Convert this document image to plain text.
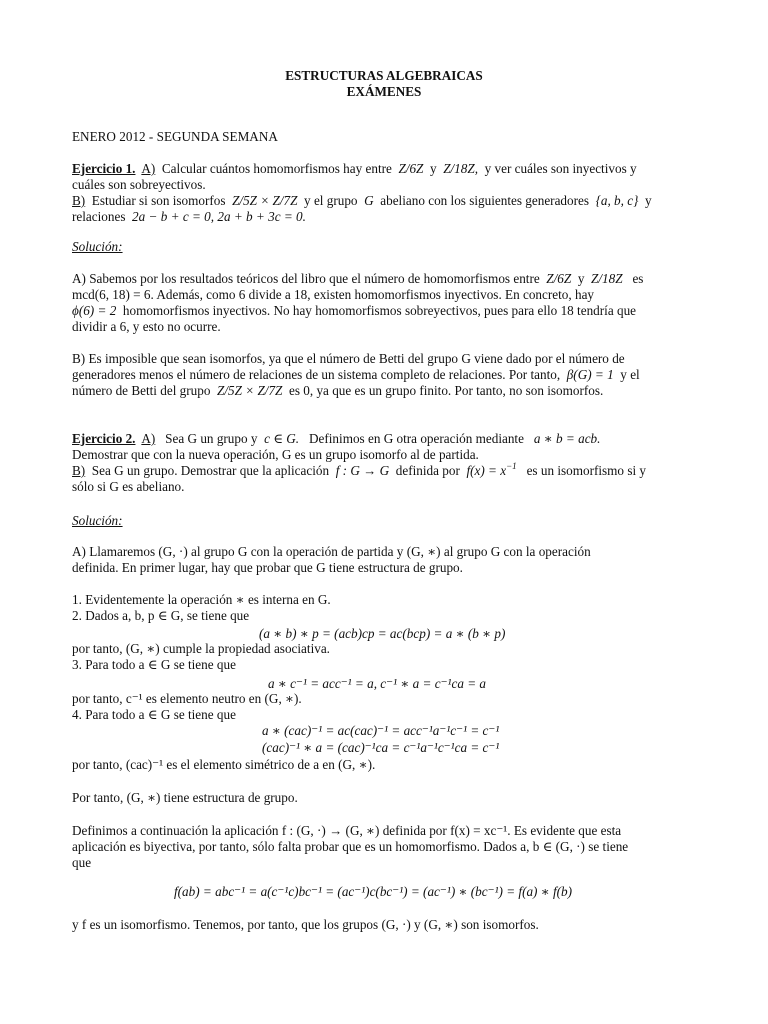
ESTRUCTURAS ALGEBRAICAS
EXÁMENES
ENERO 2012 - SEGUNDA SEMANA
Ejercicio 1. A) Calcular cuántos homomorfismos hay entre Z/6Z y Z/18Z, y ver cuáles son inyectivos y
cuáles son sobreyectivos.
B) Estudiar si son isomorfos Z/5Z × Z/7Z y el grupo G abeliano con los siguientes generadores {a, b, c} y
relaciones 2a − b + c = 0, 2a + b + 3c = 0.
Solución:
A) Sabemos por los resultados teóricos del libro que el número de homomorfismos entre Z/6Z y Z/18Z es
mcd(6, 18) = 6. Además, como 6 divide a 18, existen homomorfismos inyectivos. En concreto, hay
ϕ(6) = 2 homomorfismos inyectivos. No hay homomorfismos sobreyectivos, pues para ello 18 tendría que
dividir a 6, y esto no ocurre.
B) Es imposible que sean isomorfos, ya que el número de Betti del grupo G viene dado por el número de
generadores menos el número de relaciones de un sistema completo de relaciones. Por tanto, β(G) = 1 y el
número de Betti del grupo Z/5Z × Z/7Z es 0, ya que es un grupo finito. Por tanto, no son isomorfos.
Ejercicio 2. A) Sea G un grupo y c ∈ G. Definimos en G otra operación mediante a ∗ b = acb.
Demostrar que con la nueva operación, G es un grupo isomorfo al de partida.
B) Sea G un grupo. Demostrar que la aplicación f : G → G definida por $f(x) = x^{-1}$ es un isomorfismo si y
sólo si G es abeliano.
Solución:
A) Llamaremos (G, ·) al grupo G con la operación de partida y (G, ∗) al grupo G con la operación
definida. En primer lugar, hay que probar que G tiene estructura de grupo.
1. Evidentemente la operación ∗ es interna en G.
2. Dados a, b, p ∈ G, se tiene que
(a ∗ b) ∗ p = (acb)cp = ac(bcp) = a ∗ (b ∗ p)
por tanto, (G, ∗) cumple la propiedad asociativa.
3. Para todo a ∈ G se tiene que
a ∗ c⁻¹ = acc⁻¹ = a, c⁻¹ ∗ a = c⁻¹ca = a
por tanto, c⁻¹ es elemento neutro en (G, ∗).
4. Para todo a ∈ G se tiene que
a ∗ (cac)⁻¹ = ac(cac)⁻¹ = acc⁻¹a⁻¹c⁻¹ = c⁻¹
(cac)⁻¹ ∗ a = (cac)⁻¹ca = c⁻¹a⁻¹c⁻¹ca = c⁻¹
por tanto, (cac)⁻¹ es el elemento simétrico de a en (G, ∗).
Por tanto, (G, ∗) tiene estructura de grupo.
Definimos a continuación la aplicación f : (G, ·) → (G, ∗) definida por f(x) = xc⁻¹. Es evidente que esta
aplicación es biyectiva, por tanto, sólo falta probar que es un homomorfismo. Dados a, b ∈ (G, ·) se tiene
que
f(ab) = abc⁻¹ = a(c⁻¹c)bc⁻¹ = (ac⁻¹)c(bc⁻¹) = (ac⁻¹) ∗ (bc⁻¹) = f(a) ∗ f(b)
y f es un isomorfismo. Tenemos, por tanto, que los grupos (G, ·) y (G, ∗) son isomorfos.
